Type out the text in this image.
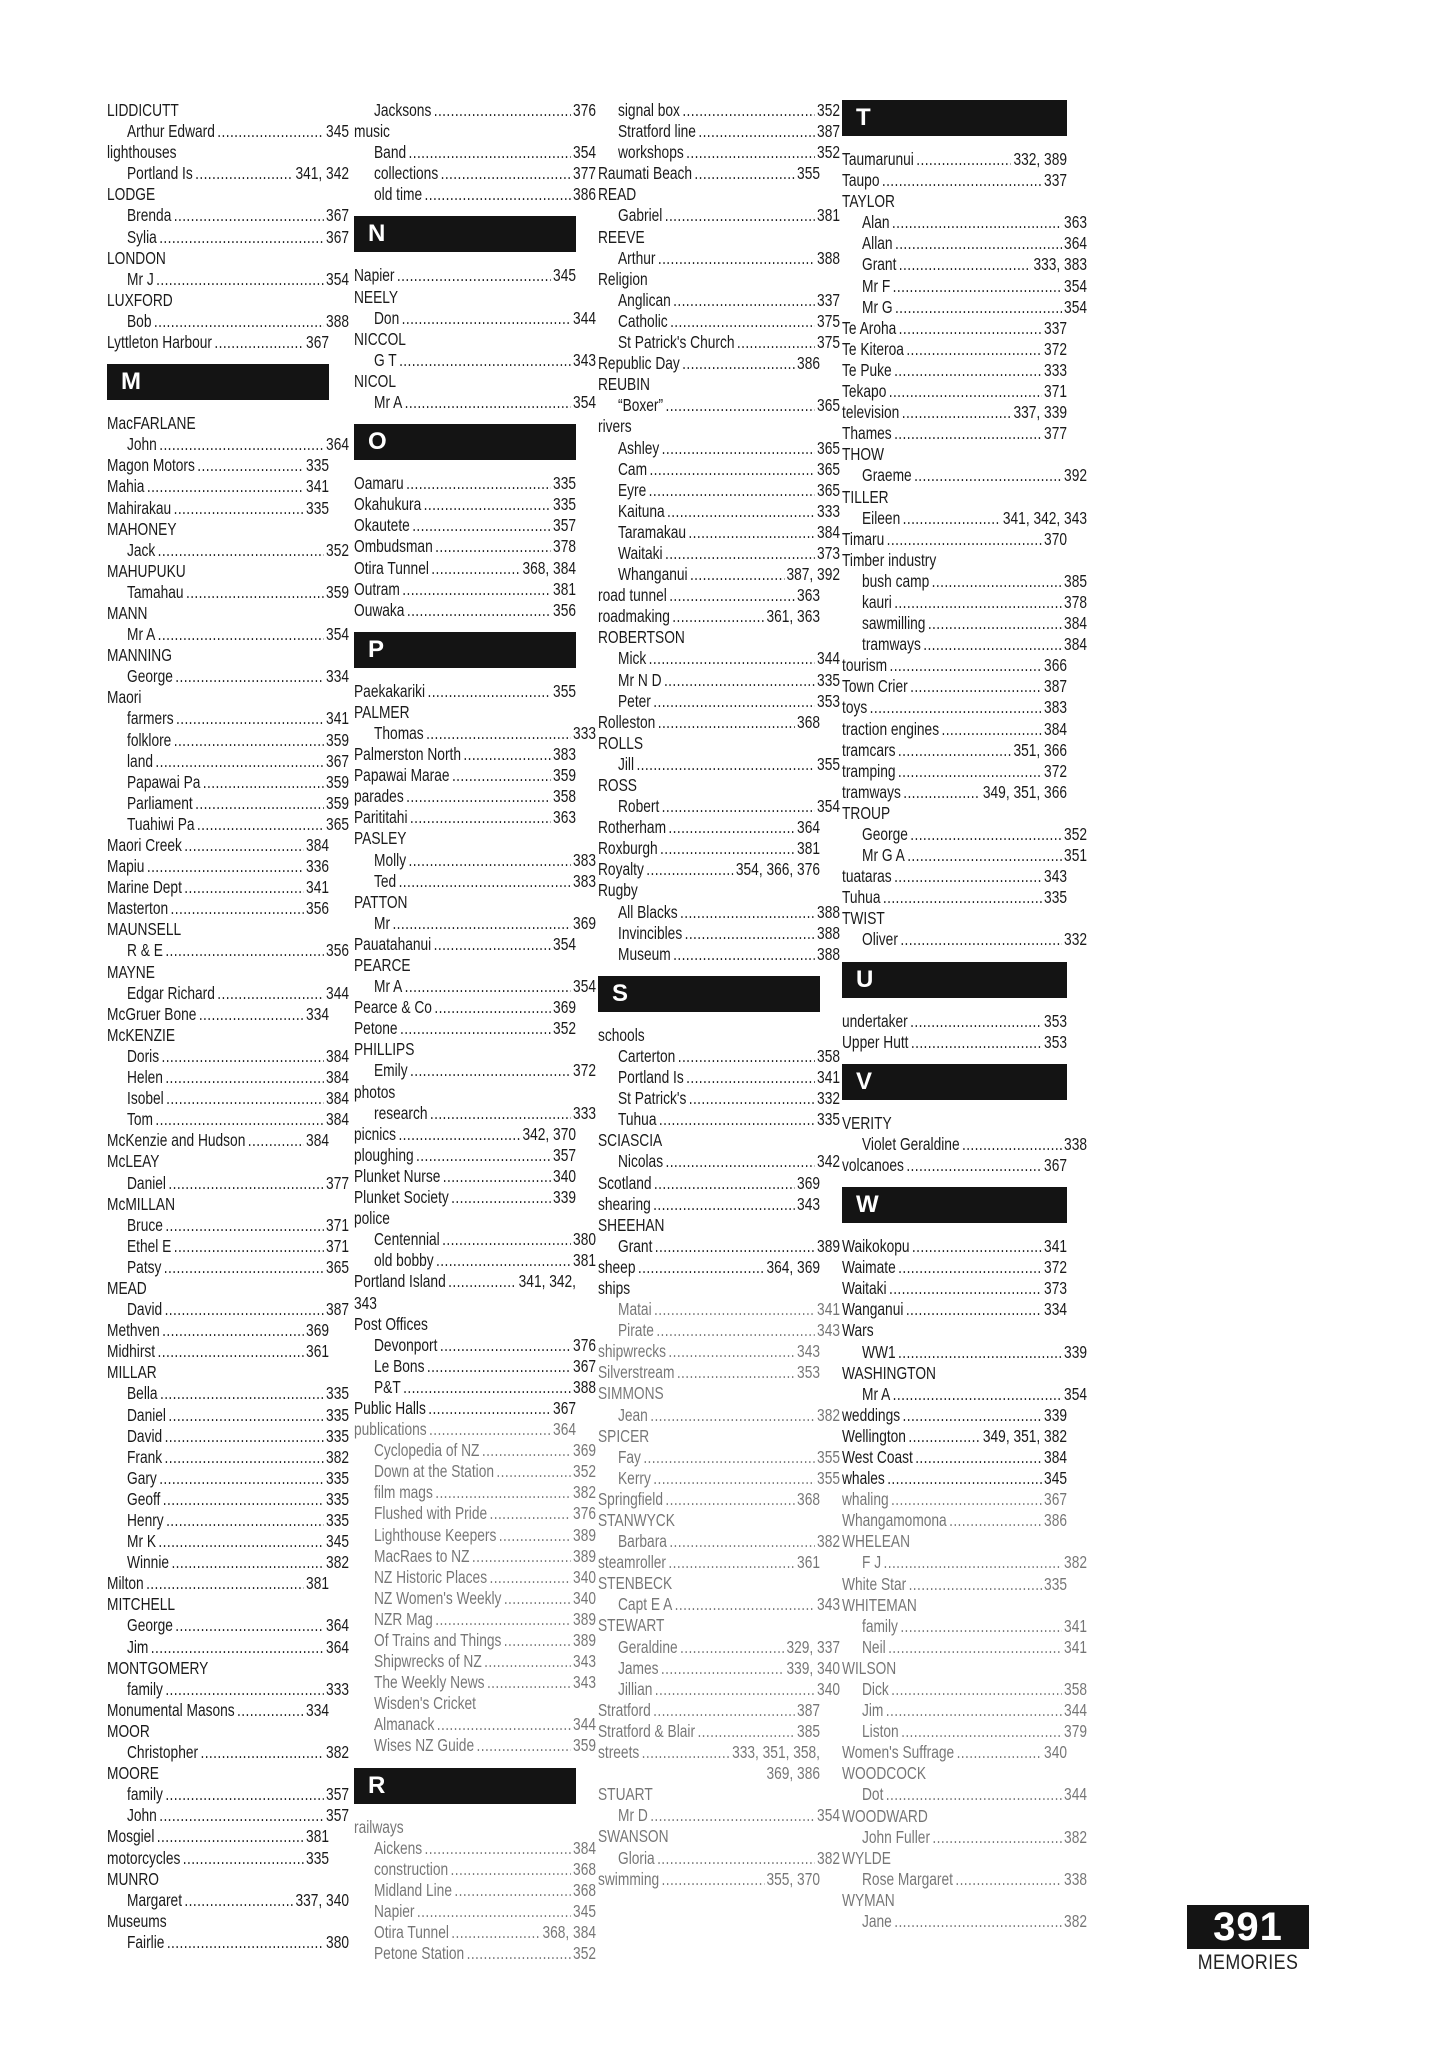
LIDDICUTT
Arthur Edward .....	345
lighthouses
Portland Is .....	341, 342
LODGE
Brenda .....	367
Sylia .....	367
LONDON
Mr J .....	354
LUXFORD
Bob .....	388
Lyttleton Harbour .....	367
M
MacFARLANE
John .....	364
Magon Motors .....	335
Mahia .....	341
Mahirakau .....	335
MAHONEY
Jack .....	352
MAHUPUKU
Tamahau .....	359
MANN
Mr A .....	354
MANNING
George .....	334
Maori
farmers .....	341
folklore .....	359
land .....	367
Papawai Pa .....	359
Parliament .....	359
Tuahiwi Pa .....	365
Maori Creek .....	384
Mapiu .....	336
Marine Dept .....	341
Masterton .....	356
MAUNSELL
R & E .....	356
MAYNE
Edgar Richard .....	344
McGruer Bone .....	334
McKENZIE
Doris .....	384
Helen .....	384
Isobel .....	384
Tom .....	384
McKenzie and Hudson .....	384
McLEAY
Daniel .....	377
McMILLAN
Bruce .....	371
Ethel E .....	371
Patsy .....	365
MEAD
David .....	387
Methven .....	369
Midhirst .....	361
MILLAR
Bella .....	335
Daniel .....	335
David .....	335
Frank .....	382
Gary .....	335
Geoff .....	335
Henry .....	335
Mr K .....	345
Winnie .....	382
Milton .....	381
MITCHELL
George .....	364
Jim .....	364
MONTGOMERY
family .....	333
Monumental Masons .....	334
MOOR
Christopher .....	382
MOORE
family .....	357
John .....	357
Mosgiel .....	381
motorcycles .....	335
MUNRO
Margaret .....	337, 340
Museums
Fairlie .....	380
Jacksons .....	376
music
Band .....	354
collections .....	377
old time .....	386
N
Napier .....	345
NEELY
Don .....	344
NICCOL
G T .....	343
NICOL
Mr A .....	354
O
Oamaru .....	335
Okahukura .....	335
Okautete .....	357
Ombudsman .....	378
Otira Tunnel .....	368, 384
Outram .....	381
Ouwaka .....	356
P
Paekakariki .....	355
PALMER
Thomas .....	333
Palmerston North .....	383
Papawai Marae .....	359
parades .....	358
Parititahi .....	363
PASLEY
Molly .....	383
Ted .....	383
PATTON
Mr .....	369
Pauatahanui .....	354
PEARCE
Mr A .....	354
Pearce & Co .....	369
Petone .....	352
PHILLIPS
Emily .....	372
photos
research .....	333
picnics .....	342, 370
ploughing .....	357
Plunket Nurse .....	340
Plunket Society .....	339
police
Centennial .....	380
old bobby .....	381
Portland Island .....	341, 342,
343
Post Offices
Devonport .....	376
Le Bons .....	367
P&T .....	388
Public Halls .....	367
publications .....	364
Cyclopedia of NZ .....	369
Down at the Station .....	352
film mags .....	382
Flushed with Pride .....	376
Lighthouse Keepers .....	389
MacRaes to NZ .....	389
NZ Historic Places .....	340
NZ Women's Weekly .....	340
NZR Mag .....	389
Of Trains and Things .....	389
Shipwrecks of NZ .....	343
The Weekly News .....	343
Wisden's Cricket
Almanack .....	344
Wises NZ Guide .....	359
R
railways
Aickens .....	384
construction .....	368
Midland Line .....	368
Napier .....	345
Otira Tunnel .....	368, 384
Petone Station .....	352
signal box .....	352
Stratford line .....	387
workshops .....	352
Raumati Beach .....	355
READ
Gabriel .....	381
REEVE
Arthur .....	388
Religion
Anglican .....	337
Catholic .....	375
St Patrick's Church .....	375
Republic Day .....	386
REUBIN
“Boxer” .....	365
rivers
Ashley .....	365
Cam .....	365
Eyre .....	365
Kaituna .....	333
Taramakau .....	384
Waitaki .....	373
Whanganui .....	387, 392
road tunnel .....	363
roadmaking .....	361, 363
ROBERTSON
Mick .....	344
Mr N D .....	335
Peter .....	353
Rolleston .....	368
ROLLS
Jill .....	355
ROSS
Robert .....	354
Rotherham .....	364
Roxburgh .....	381
Royalty .....	354, 366, 376
Rugby
All Blacks .....	388
Invincibles .....	388
Museum .....	388
S
schools
Carterton .....	358
Portland Is .....	341
St Patrick's .....	332
Tuhua .....	335
SCIASCIA
Nicolas .....	342
Scotland .....	369
shearing .....	343
SHEEHAN
Grant .....	389
sheep .....	364, 369
ships
Matai .....	341
Pirate .....	343
shipwrecks .....	343
Silverstream .....	353
SIMMONS
Jean .....	382
SPICER
Fay .....	355
Kerry .....	355
Springfield .....	368
STANWYCK
Barbara .....	382
steamroller .....	361
STENBECK
Capt E A .....	343
STEWART
Geraldine .....	329, 337
James .....	339, 340
Jillian .....	340
Stratford .....	387
Stratford & Blair .....	385
streets .....	333, 351, 358,
369, 386
STUART
Mr D .....	354
SWANSON
Gloria .....	382
swimming .....	355, 370
T
Taumarunui .....	332, 389
Taupo .....	337
TAYLOR
Alan .....	363
Allan .....	364
Grant .....	333, 383
Mr F .....	354
Mr G .....	354
Te Aroha .....	337
Te Kiteroa .....	372
Te Puke .....	333
Tekapo .....	371
television .....	337, 339
Thames .....	377
THOW
Graeme .....	392
TILLER
Eileen .....	341, 342, 343
Timaru .....	370
Timber industry
bush camp .....	385
kauri .....	378
sawmilling .....	384
tramways .....	384
tourism .....	366
Town Crier .....	387
toys .....	383
traction engines .....	384
tramcars .....	351, 366
tramping .....	372
tramways .....	349, 351, 366
TROUP
George .....	352
Mr G A .....	351
tuataras .....	343
Tuhua .....	335
TWIST
Oliver .....	332
U
undertaker .....	353
Upper Hutt .....	353
V
VERITY
Violet Geraldine .....	338
volcanoes .....	367
W
Waikokopu .....	341
Waimate .....	372
Waitaki .....	373
Wanganui .....	334
Wars
WW1 .....	339
WASHINGTON
Mr A .....	354
weddings .....	339
Wellington .....	349, 351, 382
West Coast .....	384
whales .....	345
whaling .....	367
Whangamomona .....	386
WHELEAN
F J .....	382
White Star .....	335
WHITEMAN
family .....	341
Neil .....	341
WILSON
Dick .....	358
Jim .....	344
Liston .....	379
Women's Suffrage .....	340
WOODCOCK
Dot .....	344
WOODWARD
John Fuller .....	382
WYLDE
Rose Margaret .....	338
WYMAN
Jane .....	382	391
MEMORIES
